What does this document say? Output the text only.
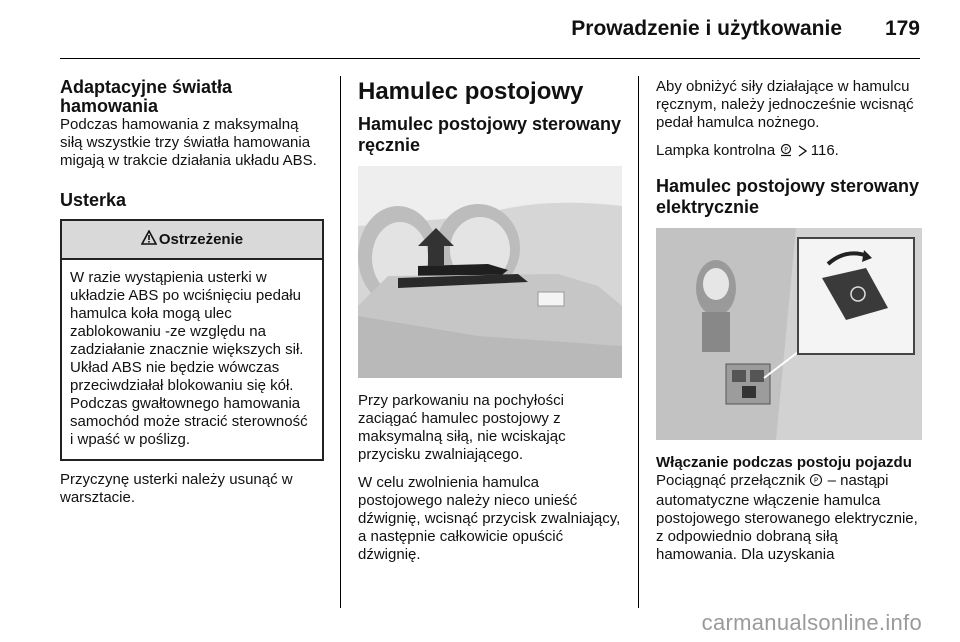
Prowadzenie i użytkowanie 179
Adaptacyjne światła hamowania

Podczas hamowania z maksymalną siłą wszystkie trzy światła hamowania migają w trakcie działania układu ABS.

Usterka
Ostrzeżenie

W razie wystąpienia usterki w układzie ABS po wciśnięciu pedału hamulca koła mogą ulec zablokowaniu -ze względu na zadziałanie znacznie większych sił. Układ ABS nie będzie wówczas przeciwdziałał blokowaniu się kół. Podczas gwałtownego hamowania samochód może stracić sterowność i wpaść w poślizg.

Przyczynę usterki należy usunąć w warsztacie.

Hamulec postojowy
Hamulec postojowy sterowany ręcznie

Przy parkowaniu na pochyłości zaciągać hamulec postojowy z maksymalną siłą, nie wciskając przycisku zwalniającego.

W celu zwolnienia hamulca postojowego należy nieco unieść dźwignię, wcisnąć przycisk zwalniający, a następnie całkowicie opuścić dźwignię.

Aby obniżyć siły działające w hamulcu ręcznym, należy jednocześnie wcisnąć pedał hamulca nożnego.

Lampka kontrolna P 116.

Hamulec postojowy sterowany elektrycznie
Włączanie podczas postoju pojazdu

Pociągnąć przełącznik P – nastąpi automatyczne włączenie hamulca postojowego sterowanego elektrycznie, z odpowiednio dobraną siłą hamowania. Dla uzyskania

carmanualsonline.info
